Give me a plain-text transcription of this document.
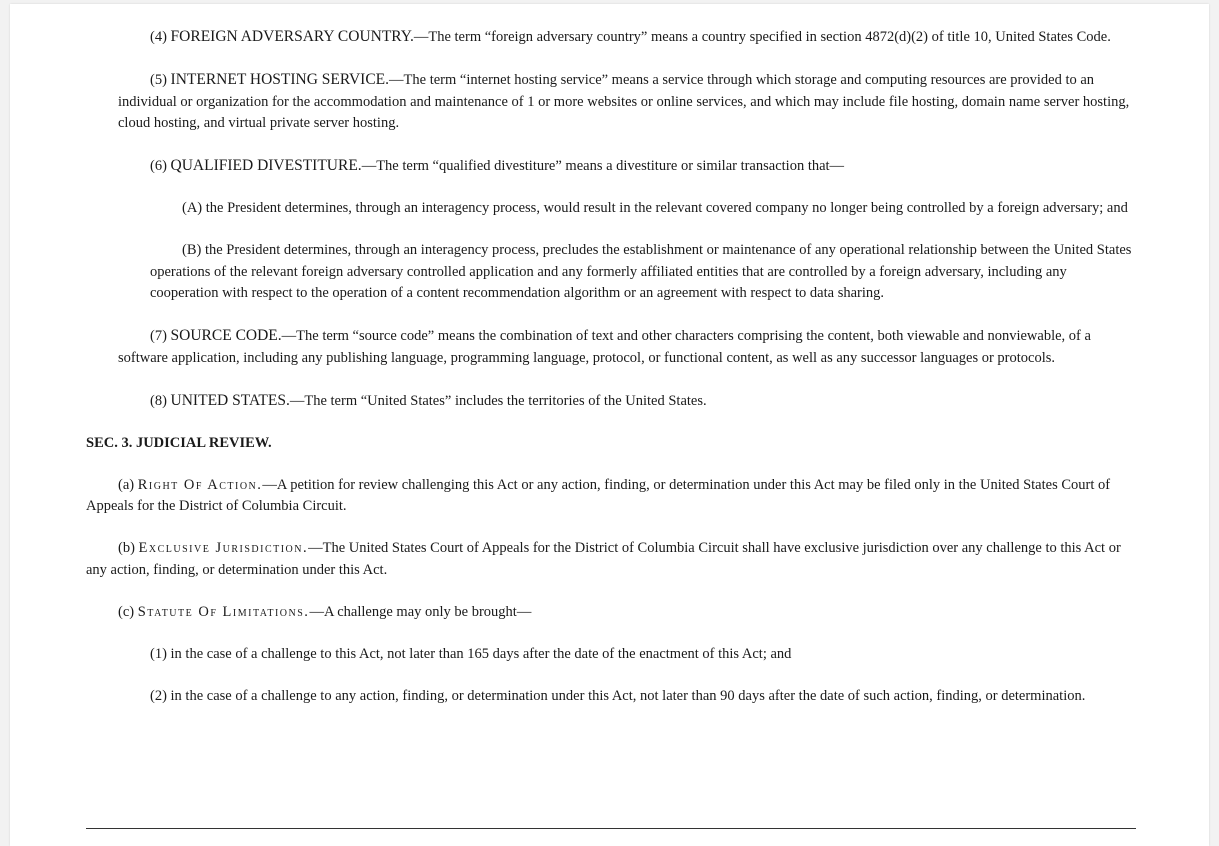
(4) FOREIGN ADVERSARY COUNTRY.—The term “foreign adversary country” means a country specified in section 4872(d)(2) of title 10, United States Code.

(5) INTERNET HOSTING SERVICE.—The term “internet hosting service” means a service through which storage and computing resources are provided to an individual or organization for the accommodation and maintenance of 1 or more websites or online services, and which may include file hosting, domain name server hosting, cloud hosting, and virtual private server hosting.

(6) QUALIFIED DIVESTITURE.—The term “qualified divestiture” means a divestiture or similar transaction that—

(A) the President determines, through an interagency process, would result in the relevant covered company no longer being controlled by a foreign adversary; and

(B) the President determines, through an interagency process, precludes the establishment or maintenance of any operational relationship between the United States operations of the relevant foreign adversary controlled application and any formerly affiliated entities that are controlled by a foreign adversary, including any cooperation with respect to the operation of a content recommendation algorithm or an agreement with respect to data sharing.

(7) SOURCE CODE.—The term “source code” means the combination of text and other characters comprising the content, both viewable and nonviewable, of a software application, including any publishing language, programming language, protocol, or functional content, as well as any successor languages or protocols.

(8) UNITED STATES.—The term “United States” includes the territories of the United States.

SEC. 3. JUDICIAL REVIEW.

(a) Right Of Action.—A petition for review challenging this Act or any action, finding, or determination under this Act may be filed only in the United States Court of Appeals for the District of Columbia Circuit.

(b) Exclusive Jurisdiction.—The United States Court of Appeals for the District of Columbia Circuit shall have exclusive jurisdiction over any challenge to this Act or any action, finding, or determination under this Act.

(c) Statute Of Limitations.—A challenge may only be brought—

(1) in the case of a challenge to this Act, not later than 165 days after the date of the enactment of this Act; and

(2) in the case of a challenge to any action, finding, or determination under this Act, not later than 90 days after the date of such action, finding, or determination.
